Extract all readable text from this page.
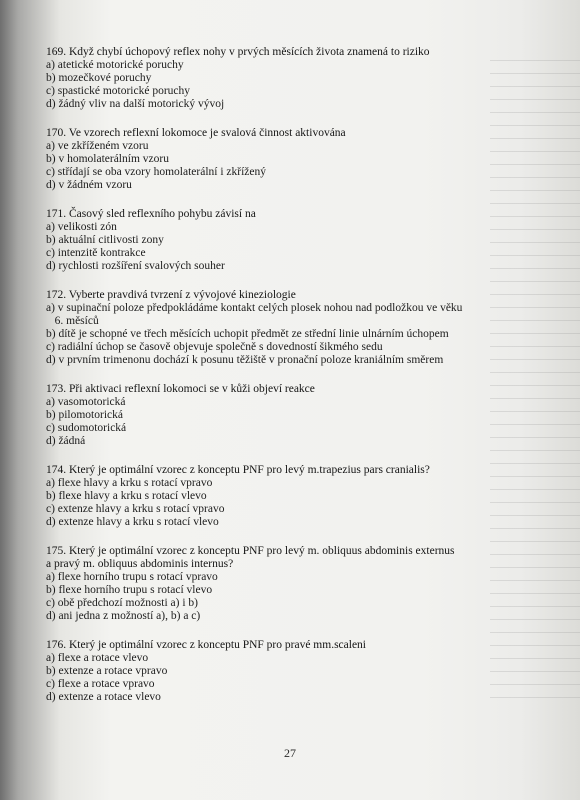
169. Když chybí úchopový reflex nohy v prvých měsících života znamená to riziko
a) atetické motorické poruchy
b) mozečkové poruchy
c) spastické motorické poruchy
d) žádný vliv na další motorický vývoj
170. Ve vzorech reflexní lokomoce je svalová činnost aktivována
a) ve zkříženém vzoru
b) v homolaterálním vzoru
c) střídají se oba vzory homolaterální i zkřížený
d) v žádném vzoru
171. Časový sled reflexního pohybu závisí na
a) velikosti zón
b) aktuální citlivosti zony
c) intenzitě kontrakce
d) rychlosti rozšíření svalových souher
172. Vyberte pravdivá tvrzení z vývojové kineziologie
a) v supinační poloze předpokládáme kontakt celých plosek nohou nad podložkou ve věku
6. měsíců
b) dítě je schopné ve třech měsících uchopit předmět ze střední linie ulnárním úchopem
c) radiální úchop se časově objevuje společně s dovedností šikmého sedu
d) v prvním trimenonu dochází k posunu těžiště v pronační poloze kraniálním směrem
173. Při aktivaci reflexní lokomoci se v kůži objeví reakce
a) vasomotorická
b) pilomotorická
c) sudomotorická
d) žádná
174. Který je optimální vzorec z konceptu PNF pro levý m.trapezius pars cranialis?
a) flexe hlavy a krku s rotací vpravo
b) flexe hlavy a krku s rotací vlevo
c) extenze hlavy a krku s rotací vpravo
d) extenze hlavy a krku s rotací vlevo
175. Který je optimální vzorec z konceptu PNF pro levý m. obliquus abdominis externus
a pravý m. obliquus abdominis internus?
a) flexe horního trupu s rotací vpravo
b) flexe horního trupu s rotací vlevo
c) obě předchozí možnosti a) i b)
d) ani jedna z možností a), b) a c)
176. Který je optimální vzorec z konceptu PNF pro pravé mm.scaleni
a) flexe a rotace vlevo
b) extenze a rotace vpravo
c) flexe a rotace vpravo
d) extenze a rotace vlevo
27
